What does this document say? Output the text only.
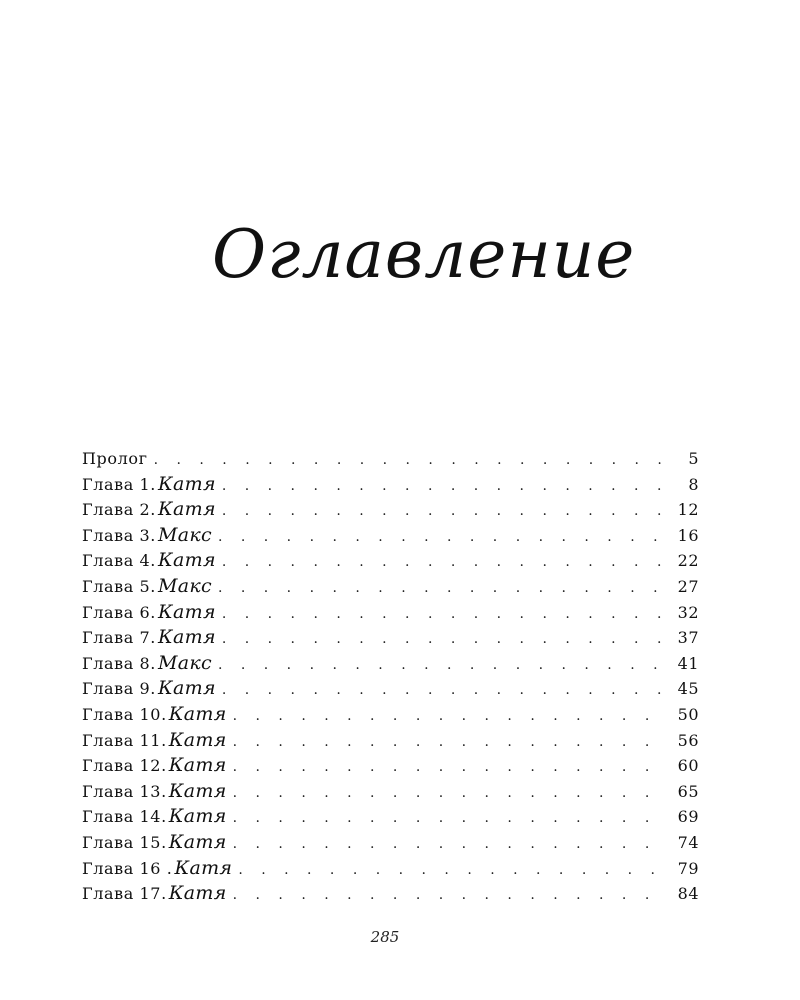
Оглавление
Пролог . . .	5
Глава 1. Катя . . .	8
Глава 2. Катя . . .	12
Глава 3. Макс . . .	16
Глава 4. Катя . . .	22
Глава 5. Макс . . .	27
Глава 6. Катя . . .	32
Глава 7. Катя . . .	37
Глава 8. Макс . . .	41
Глава 9. Катя . . .	45
Глава 10. Катя . . .	50
Глава 11. Катя . . .	56
Глава 12. Катя . . .	60
Глава 13. Катя . . .	65
Глава 14. Катя . . .	69
Глава 15. Катя . . .	74
Глава 16 . Катя . . .	79
Глава 17. Катя . . .	84

285
